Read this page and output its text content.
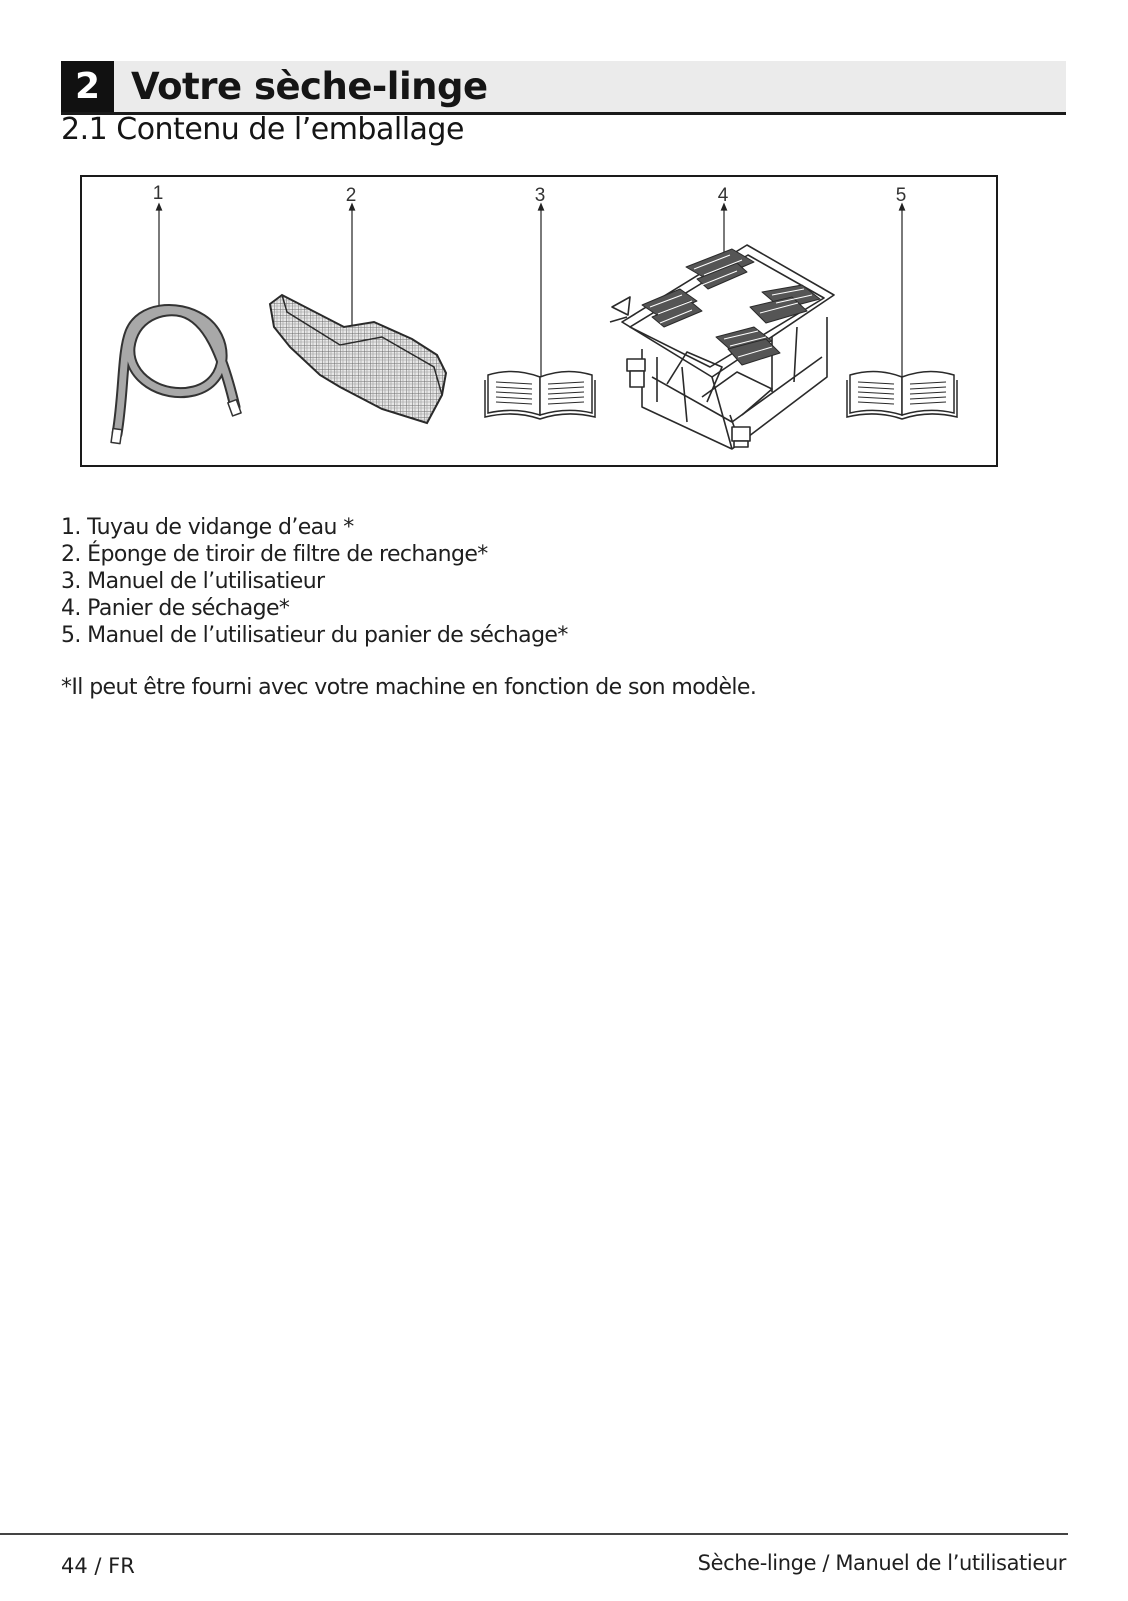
2 Votre sèche-linge
2.1 Contenu de l’emballage
1	2	3	4	5
1. Tuyau de vidange d’eau *
2. Éponge de tiroir de filtre de rechange*
3. Manuel de l’utilisatieur
4. Panier de séchage*
5. Manuel de l’utilisatieur du panier de séchage*
*Il peut être fourni avec votre machine en fonction de son modèle.
44 / FR	Sèche-linge / Manuel de l’utilisatieur
